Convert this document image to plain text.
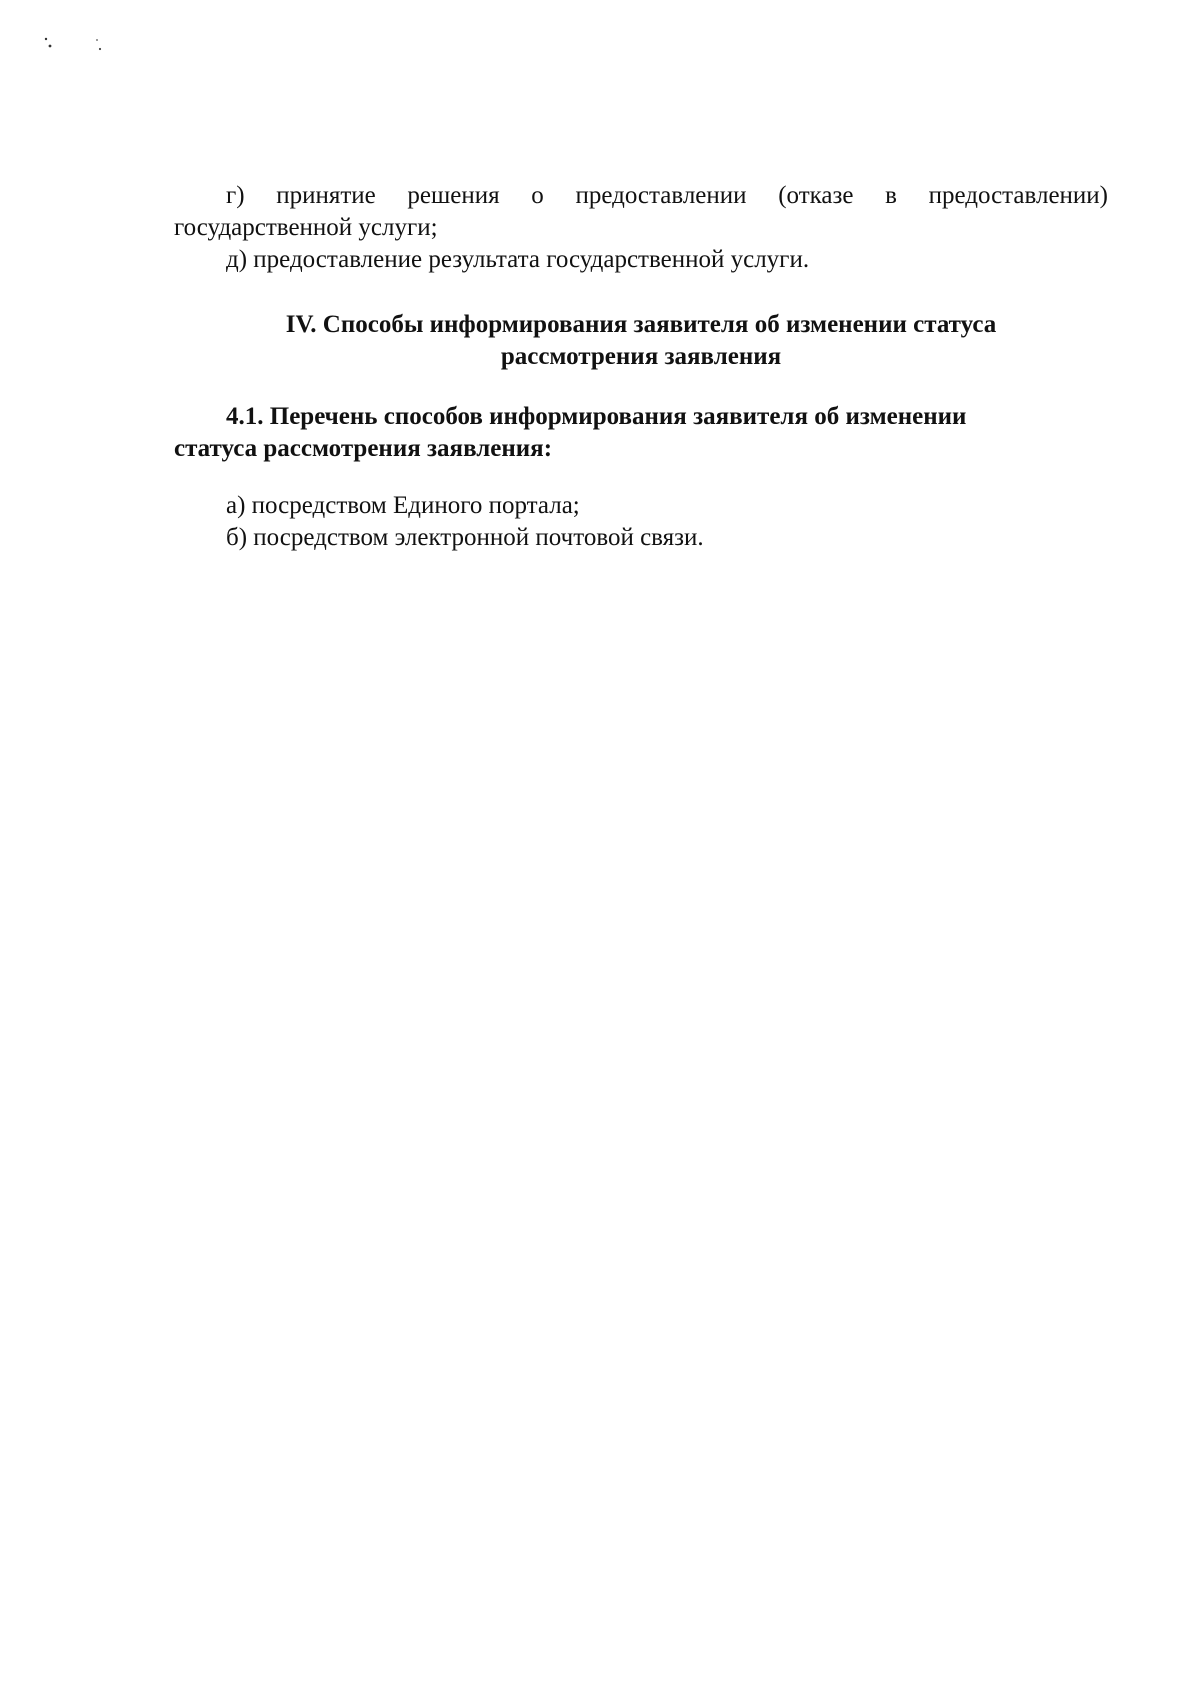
г) принятие решения о предоставлении (отказе в предоставлении)

государственной услуги;

д) предоставление результата государственной услуги.

IV. Способы информирования заявителя об изменении статуса

рассмотрения заявления

4.1. Перечень способов информирования заявителя об изменении

статуса рассмотрения заявления:

а) посредством Единого портала;

б) посредством электронной почтовой связи.
